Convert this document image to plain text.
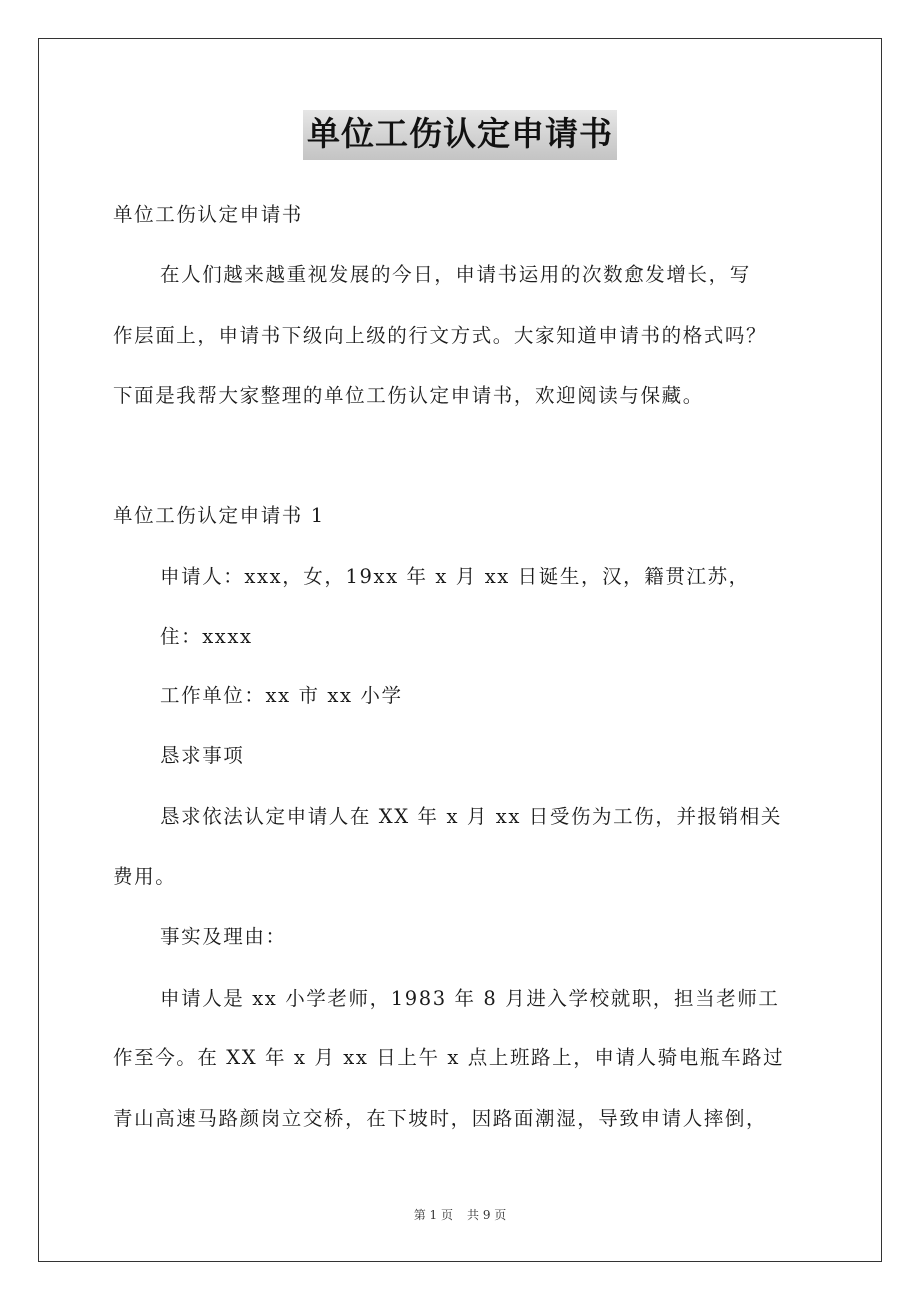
单位工伤认定申请书
单位工伤认定申请书
在人们越来越重视发展的今日，申请书运用的次数愈发增长，写
作层面上，申请书下级向上级的行文方式。大家知道申请书的格式吗？
下面是我帮大家整理的单位工伤认定申请书，欢迎阅读与保藏。
单位工伤认定申请书 1
申请人：xxx，女，19xx 年 x 月 xx 日诞生，汉，籍贯江苏，
住：xxxx
工作单位：xx 市 xx 小学
恳求事项
恳求依法认定申请人在 XX 年 x 月 xx 日受伤为工伤，并报销相关
费用。
事实及理由：
申请人是 xx 小学老师，1983 年 8 月进入学校就职，担当老师工
作至今。在 XX 年 x 月 xx 日上午 x 点上班路上，申请人骑电瓶车路过
青山高速马路颜岗立交桥，在下坡时，因路面潮湿，导致申请人摔倒，
第 1 页 共 9 页
